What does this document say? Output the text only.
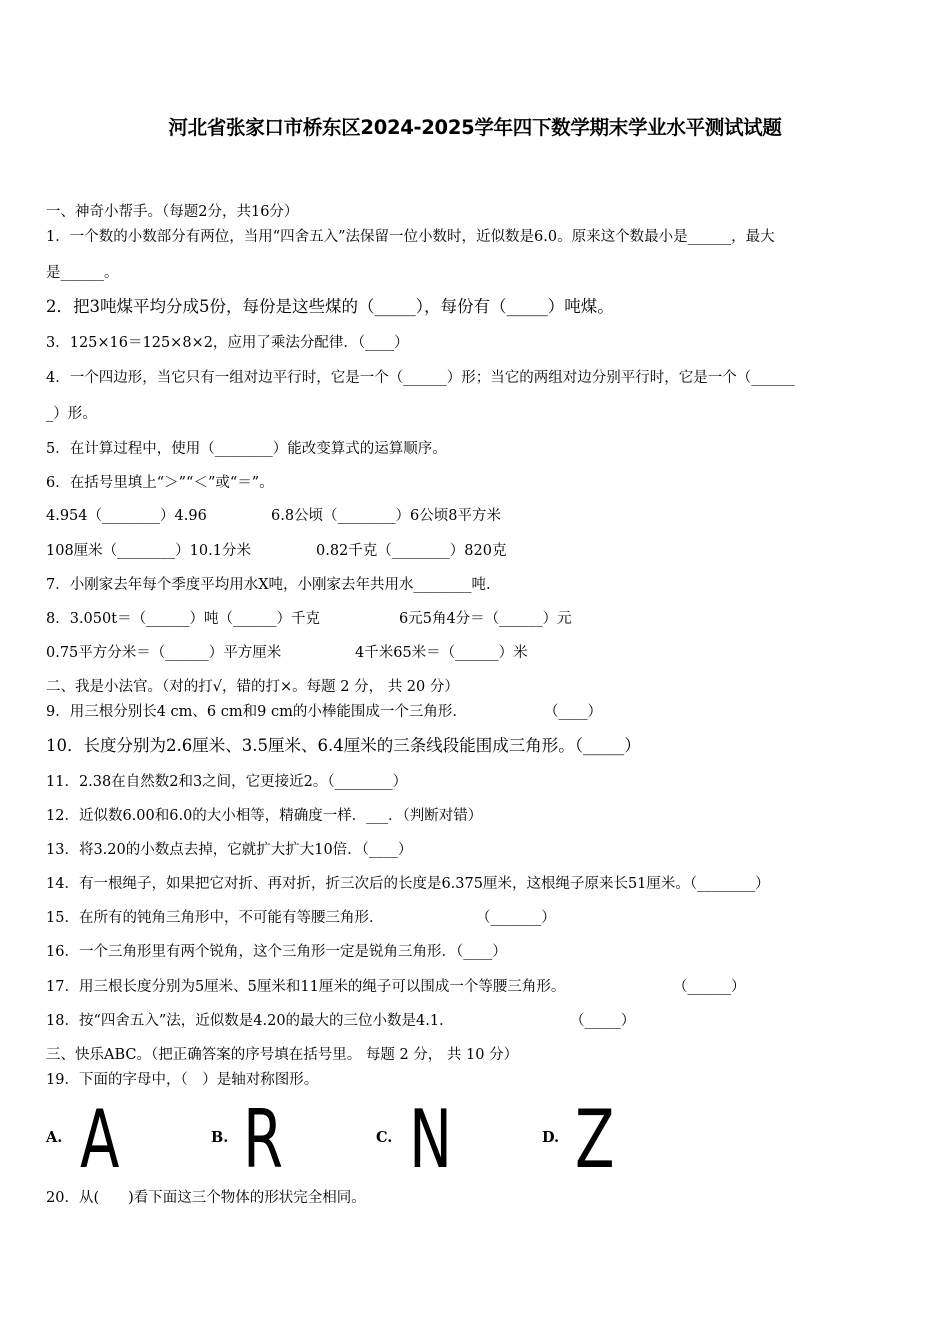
河北省张家口市桥东区2024-2025学年四下数学期末学业水平测试试题
一、神奇小帮手。（每题2分，共16分）
1．一个数的小数部分有两位，当用“四舍五入”法保留一位小数时，近似数是6.0。原来这个数最小是______，最大
是______。
2．把3吨煤平均分成5份，每份是这些煤的（_____），每份有（_____）吨煤。
3．125×16＝125×8×2，应用了乘法分配律．（____）
4．一个四边形，当它只有一组对边平行时，它是一个（______）形；当它的两组对边分别平行时，它是一个（______
_）形。
5．在计算过程中，使用（________）能改变算式的运算顺序。
6．在括号里填上“＞”“＜”或“＝”。
4.954（________）4.96	6.8公顷（________）6公顷8平方米
108厘米（________）10.1分米	0.82千克（________）820克
7．小刚家去年每个季度平均用水X吨，小刚家去年共用水________吨.
8．3.050t＝（______）吨（______）千克	6元5角4分＝（______）元
0.75平方分米＝（______）平方厘米	4千米65米＝（______）米
二、我是小法官。（对的打√，错的打×。每题 2 分， 共 20 分）
9．用三根分别长4 cm、6 cm和9 cm的小棒能围成一个三角形．	（____）
10．长度分别为2.6厘米、3.5厘米、6.4厘米的三条线段能围成三角形。（_____）
11．2.38在自然数2和3之间，它更接近2。（________）
12．近似数6.00和6.0的大小相等，精确度一样．___．（判断对错）
13．将3.20的小数点去掉，它就扩大扩大10倍．（____）
14．有一根绳子，如果把它对折、再对折，折三次后的长度是6.375厘米，这根绳子原来长51厘米。（________）
15．在所有的钝角三角形中，不可能有等腰三角形．	（_______）
16．一个三角形里有两个锐角，这个三角形一定是锐角三角形．（____）
17．用三根长度分别为5厘米、5厘米和11厘米的绳子可以围成一个等腰三角形。	（______）
18．按“四舍五入”法，近似数是4.20的最大的三位小数是4.1．	（_____）
三、快乐ABC。（把正确答案的序号填在括号里。 每题 2 分， 共 10 分）
19．下面的字母中，（　）是轴对称图形。
A. A	B. R	C. N	D. Z
20．从(　　)看下面这三个物体的形状完全相同。
